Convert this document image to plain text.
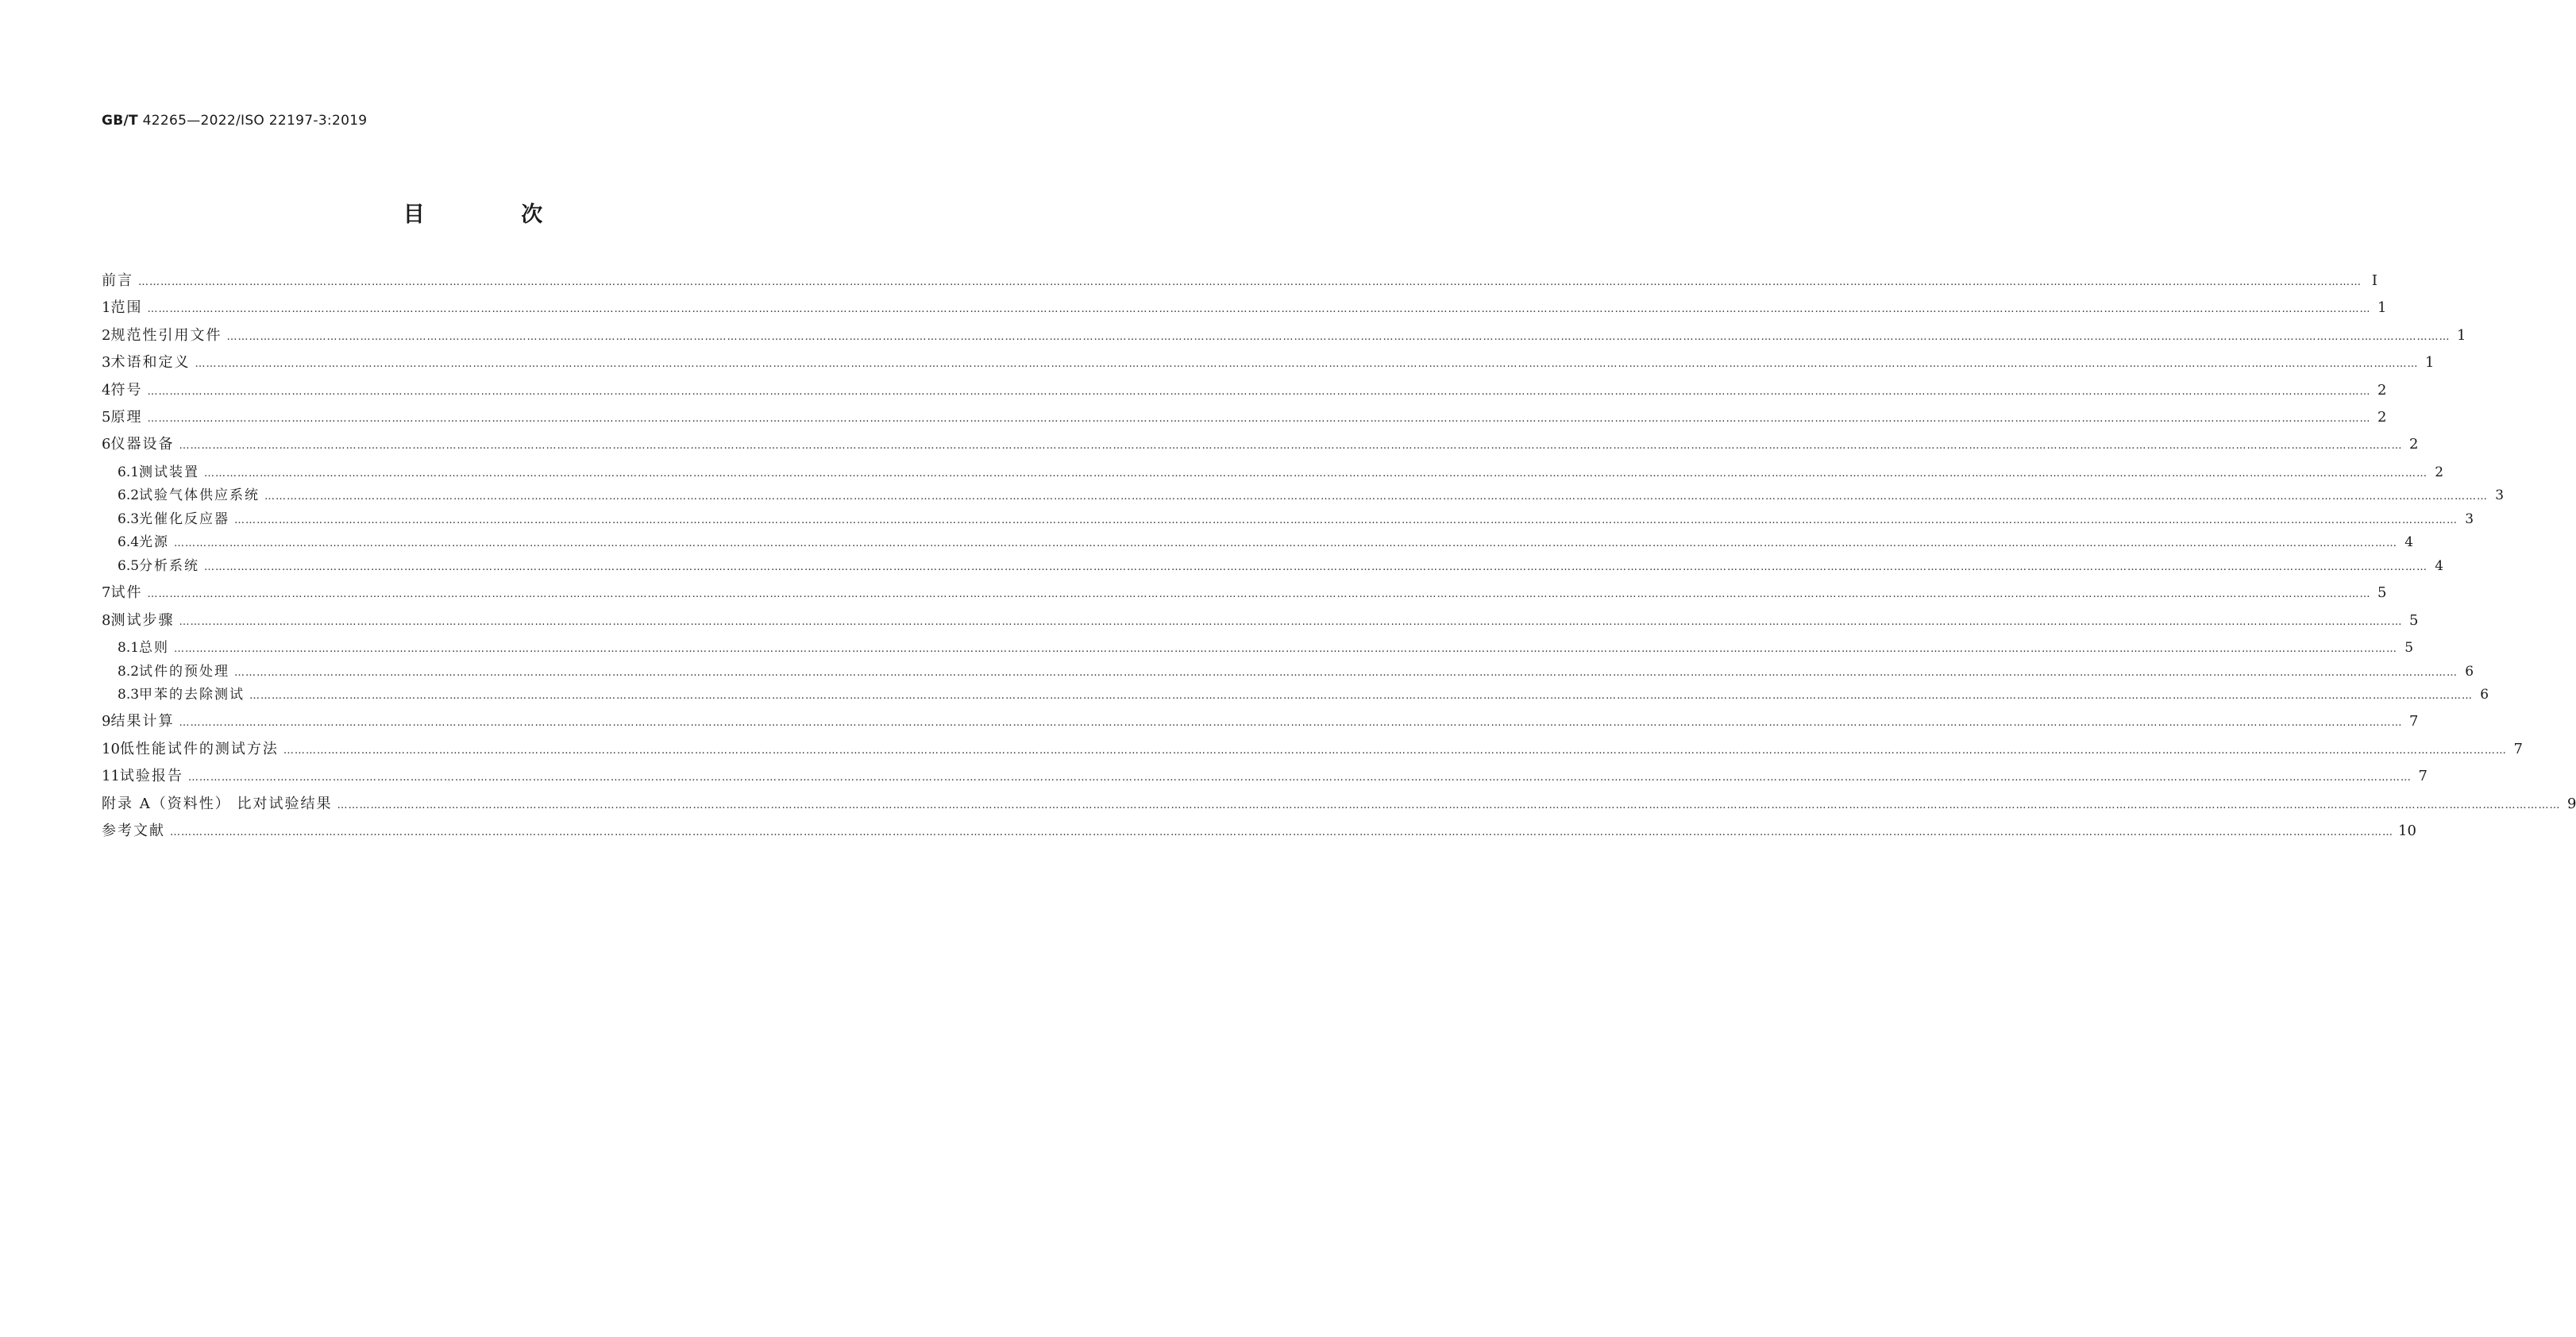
GB/T 42265—2022/ISO 22197-3:2019
目 次
前言 …………………………………………………………………………………………………………………………………………………………………………………………………………………………………………………………………………………………………………………………………………………………………………………………………………………………………………………………………………………………………………………………………………………… Ⅰ
1 范围 …………………………………………………………………………………………………………………………………………………………………………………………………………………………………………………………………………………………………………………………………………………………………………………………………………………………………………………………………………………………………………………………………………………… 1
2 规范性引用文件 …………………………………………………………………………………………………………………………………………………………………………………………………………………………………………………………………………………………………………………………………………………………………………………………………………………………………………………………………………………………………………………………………………………… 1
3 术语和定义 …………………………………………………………………………………………………………………………………………………………………………………………………………………………………………………………………………………………………………………………………………………………………………………………………………………………………………………………………………………………………………………………………………………… 1
4 符号 …………………………………………………………………………………………………………………………………………………………………………………………………………………………………………………………………………………………………………………………………………………………………………………………………………………………………………………………………………………………………………………………………………………… 2
5 原理 …………………………………………………………………………………………………………………………………………………………………………………………………………………………………………………………………………………………………………………………………………………………………………………………………………………………………………………………………………………………………………………………………………………… 2
6 仪器设备 …………………………………………………………………………………………………………………………………………………………………………………………………………………………………………………………………………………………………………………………………………………………………………………………………………………………………………………………………………………………………………………………………………………… 2
6.1 测试装置 …………………………………………………………………………………………………………………………………………………………………………………………………………………………………………………………………………………………………………………………………………………………………………………………………………………………………………………………………………………………………………………………………………………… 2
6.2 试验气体供应系统 …………………………………………………………………………………………………………………………………………………………………………………………………………………………………………………………………………………………………………………………………………………………………………………………………………………………………………………………………………………………………………………………………………………… 3
6.3 光催化反应器 …………………………………………………………………………………………………………………………………………………………………………………………………………………………………………………………………………………………………………………………………………………………………………………………………………………………………………………………………………………………………………………………………………………… 3
6.4 光源 …………………………………………………………………………………………………………………………………………………………………………………………………………………………………………………………………………………………………………………………………………………………………………………………………………………………………………………………………………………………………………………………………………………… 4
6.5 分析系统 …………………………………………………………………………………………………………………………………………………………………………………………………………………………………………………………………………………………………………………………………………………………………………………………………………………………………………………………………………………………………………………………………………………… 4
7 试件 …………………………………………………………………………………………………………………………………………………………………………………………………………………………………………………………………………………………………………………………………………………………………………………………………………………………………………………………………………………………………………………………………………………… 5
8 测试步骤 …………………………………………………………………………………………………………………………………………………………………………………………………………………………………………………………………………………………………………………………………………………………………………………………………………………………………………………………………………………………………………………………………………………… 5
8.1 总则 …………………………………………………………………………………………………………………………………………………………………………………………………………………………………………………………………………………………………………………………………………………………………………………………………………………………………………………………………………………………………………………………………………………… 5
8.2 试件的预处理 …………………………………………………………………………………………………………………………………………………………………………………………………………………………………………………………………………………………………………………………………………………………………………………………………………………………………………………………………………………………………………………………………………………… 6
8.3 甲苯的去除测试 …………………………………………………………………………………………………………………………………………………………………………………………………………………………………………………………………………………………………………………………………………………………………………………………………………………………………………………………………………………………………………………………………………………… 6
9 结果计算 …………………………………………………………………………………………………………………………………………………………………………………………………………………………………………………………………………………………………………………………………………………………………………………………………………………………………………………………………………………………………………………………………………………… 7
10 低性能试件的测试方法 …………………………………………………………………………………………………………………………………………………………………………………………………………………………………………………………………………………………………………………………………………………………………………………………………………………………………………………………………………………………………………………………………………………… 7
11 试验报告 …………………………………………………………………………………………………………………………………………………………………………………………………………………………………………………………………………………………………………………………………………………………………………………………………………………………………………………………………………………………………………………………………………………… 7
附录 A（资料性） 比对试验结果 …………………………………………………………………………………………………………………………………………………………………………………………………………………………………………………………………………………………………………………………………………………………………………………………………………………………………………………………………………………………………………………………………………………… 9
参考文献 …………………………………………………………………………………………………………………………………………………………………………………………………………………………………………………………………………………………………………………………………………………………………………………………………………………………………………………………………………………………………………………………………………………… 10
